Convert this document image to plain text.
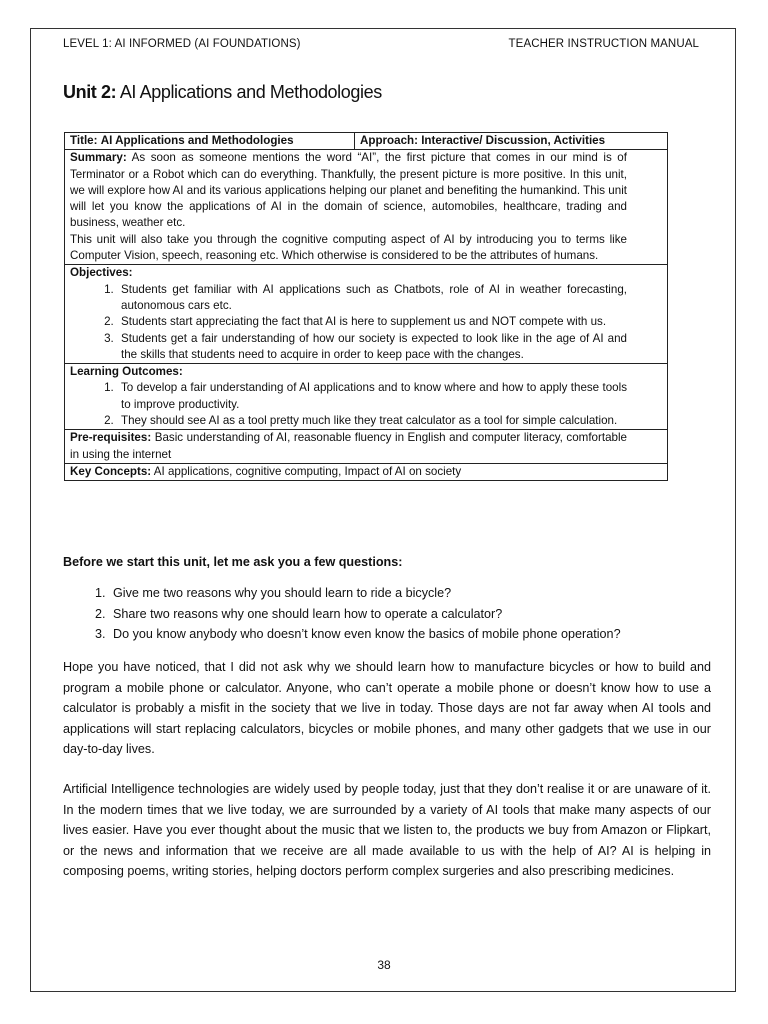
LEVEL 1: AI INFORMED (AI FOUNDATIONS)	TEACHER INSTRUCTION MANUAL
Unit 2: AI Applications and Methodologies
Title: AI Applications and Methodologies	Approach: Interactive/ Discussion, Activities

Summary: As soon as someone mentions the word “AI”, the first picture that comes in our mind is of Terminator or a Robot which can do everything. Thankfully, the present picture is more positive. In this unit, we will explore how AI and its various applications helping our planet and benefiting the humankind. This unit will let you know the applications of AI in the domain of science, automobiles, healthcare, trading and business, weather etc.
This unit will also take you through the cognitive computing aspect of AI by introducing you to terms like Computer Vision, speech, reasoning etc. Which otherwise is considered to be the attributes of humans.

Objectives:
1. Students get familiar with AI applications such as Chatbots, role of AI in weather forecasting, autonomous cars etc.
2. Students start appreciating the fact that AI is here to supplement us and NOT compete with us.
3. Students get a fair understanding of how our society is expected to look like in the age of AI and the skills that students need to acquire in order to keep pace with the changes.

Learning Outcomes:
1. To develop a fair understanding of AI applications and to know where and how to apply these tools to improve productivity.
2. They should see AI as a tool pretty much like they treat calculator as a tool for simple calculation.

Pre-requisites: Basic understanding of AI, reasonable fluency in English and computer literacy, comfortable in using the internet
Key Concepts: AI applications, cognitive computing, Impact of AI on society
Before we start this unit, let me ask you a few questions:
1. Give me two reasons why you should learn to ride a bicycle?
2. Share two reasons why one should learn how to operate a calculator?
3. Do you know anybody who doesn’t know even know the basics of mobile phone operation?
Hope you have noticed, that I did not ask why we should learn how to manufacture bicycles or how to build and program a mobile phone or calculator. Anyone, who can’t operate a mobile phone or doesn’t know how to use a calculator is probably a misfit in the society that we live in today. Those days are not far away when AI tools and applications will start replacing calculators, bicycles or mobile phones, and many other gadgets that we use in our day-to-day lives.
Artificial Intelligence technologies are widely used by people today, just that they don’t realise it or are unaware of it. In the modern times that we live today, we are surrounded by a variety of AI tools that make many aspects of our lives easier. Have you ever thought about the music that we listen to, the products we buy from Amazon or Flipkart, or the news and information that we receive are all made available to us with the help of AI? AI is helping in composing poems, writing stories, helping doctors perform complex surgeries and also prescribing medicines.
38
